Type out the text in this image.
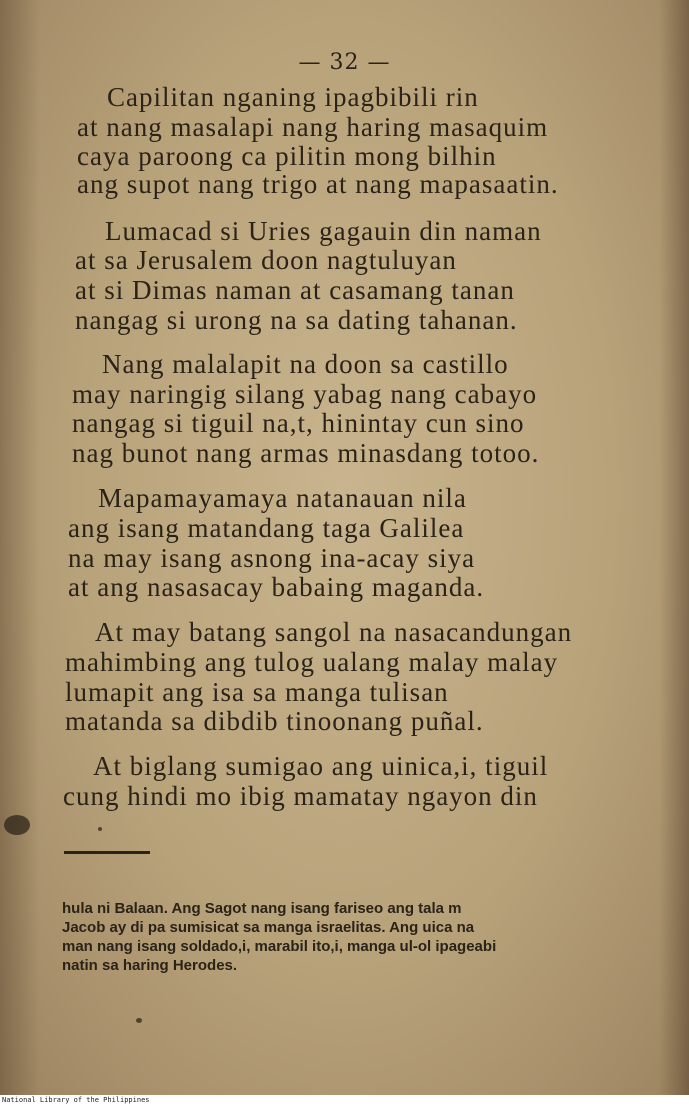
— 32 —
Capilitan nganing ipagbibili rin
at nang masalapi nang haring masaquim
caya paroong ca pilitin mong bilhin
ang supot nang trigo at nang mapasaatin.
Lumacad si Uries gagauin din naman
at sa Jerusalem doon nagtuluyan
at si Dimas naman at casamang tanan
nangag si urong na sa dating tahanan.
Nang malalapit na doon sa castillo
may naringig silang yabag nang cabayo
nangag si tiguil na,t, hinintay cun sino
nag bunot nang armas minasdang totoo.
Mapamayamaya natanauan nila
ang isang matandang taga Galilea
na may isang asnong ina-acay siya
at ang nasasacay babaing maganda.
At may batang sangol na nasacandungan
mahimbing ang tulog ualang malay malay
lumapit ang isa sa manga tulisan
matanda sa dibdib tinoonang puñal.
At biglang sumigao ang uinica,i, tiguil
cung hindi mo ibig mamatay ngayon din
hula ni Balaan. Ang Sagot nang isang fariseo ang tala m
Jacob ay di pa sumisicat sa manga israelitas. Ang uica na
man nang isang soldado,i, marabil ito,i, manga ul-ol ipageabi
natin sa haring Herodes.
National Library of the Philippines
